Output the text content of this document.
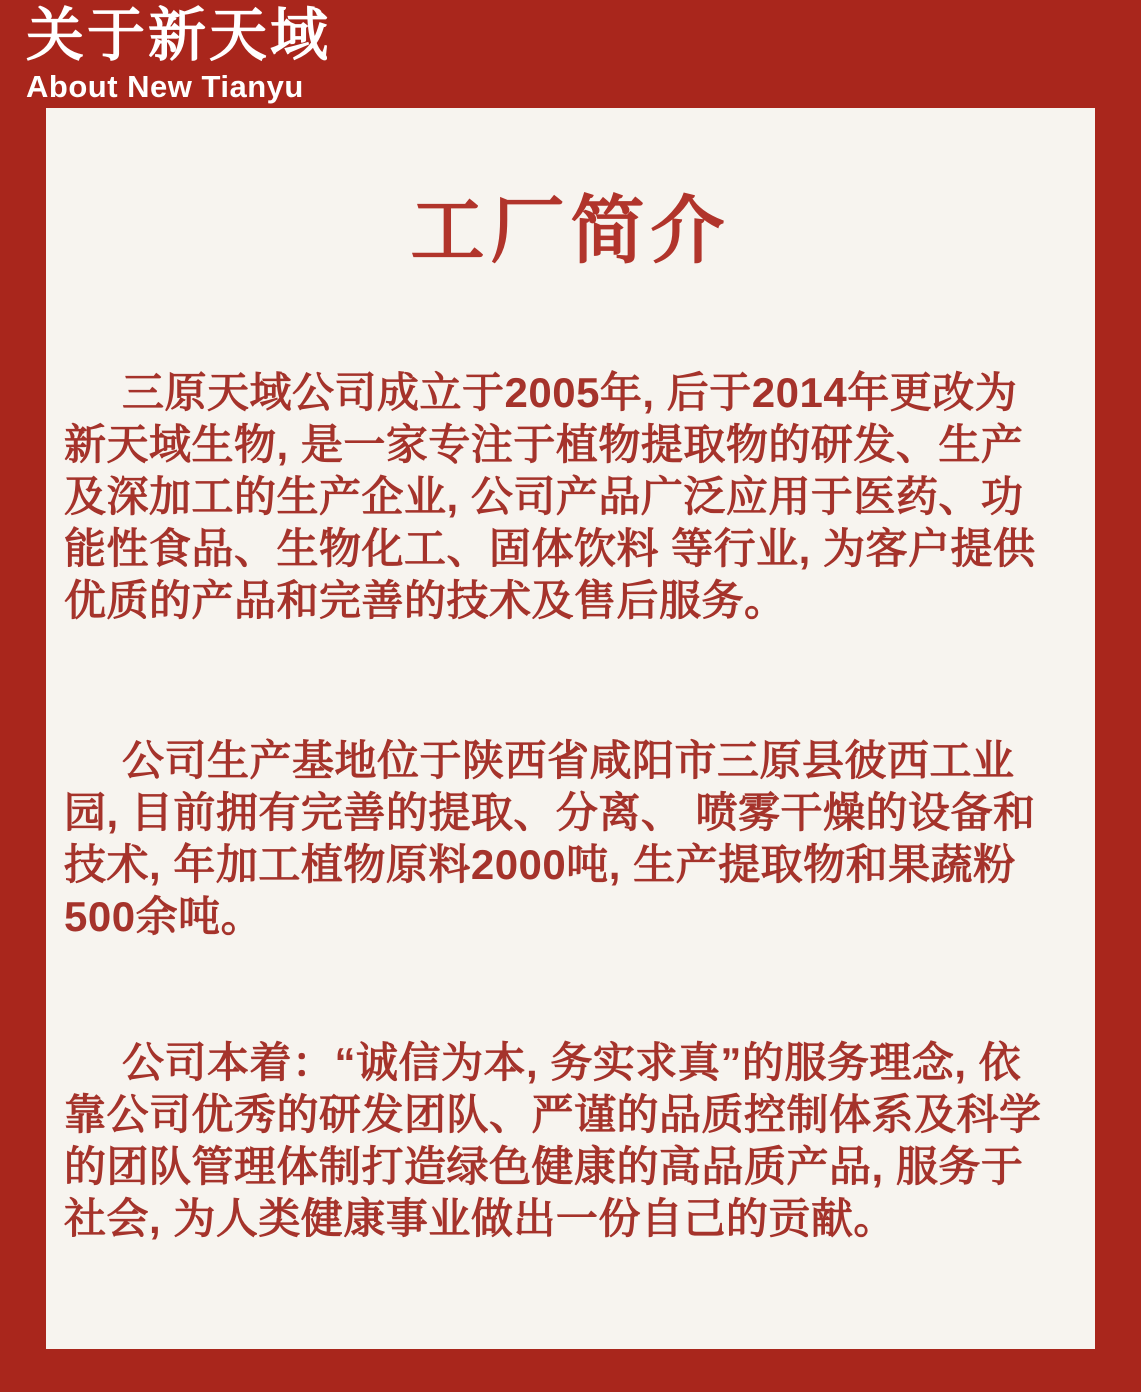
关于新天域
About New Tianyu
工厂简介

三原天域公司成立于2005年, 后于2014年更改为新天域生物, 是一家专注于植物提取物的研发、生产及深加工的生产企业, 公司产品广泛应用于医药、功能性食品、生物化工、固体饮料 等行业, 为客户提供优质的产品和完善的技术及售后服务。

公司生产基地位于陕西省咸阳市三原县彼西工业园, 目前拥有完善的提取、分离、 喷雾干燥的设备和技术, 年加工植物原料2000吨, 生产提取物和果蔬粉500余吨。

公司本着：“诚信为本, 务实求真”的服务理念, 依靠公司优秀的研发团队、严谨的品质控制体系及科学的团队管理体制打造绿色健康的高品质产品, 服务于社会, 为人类健康事业做出一份自己的贡献。
